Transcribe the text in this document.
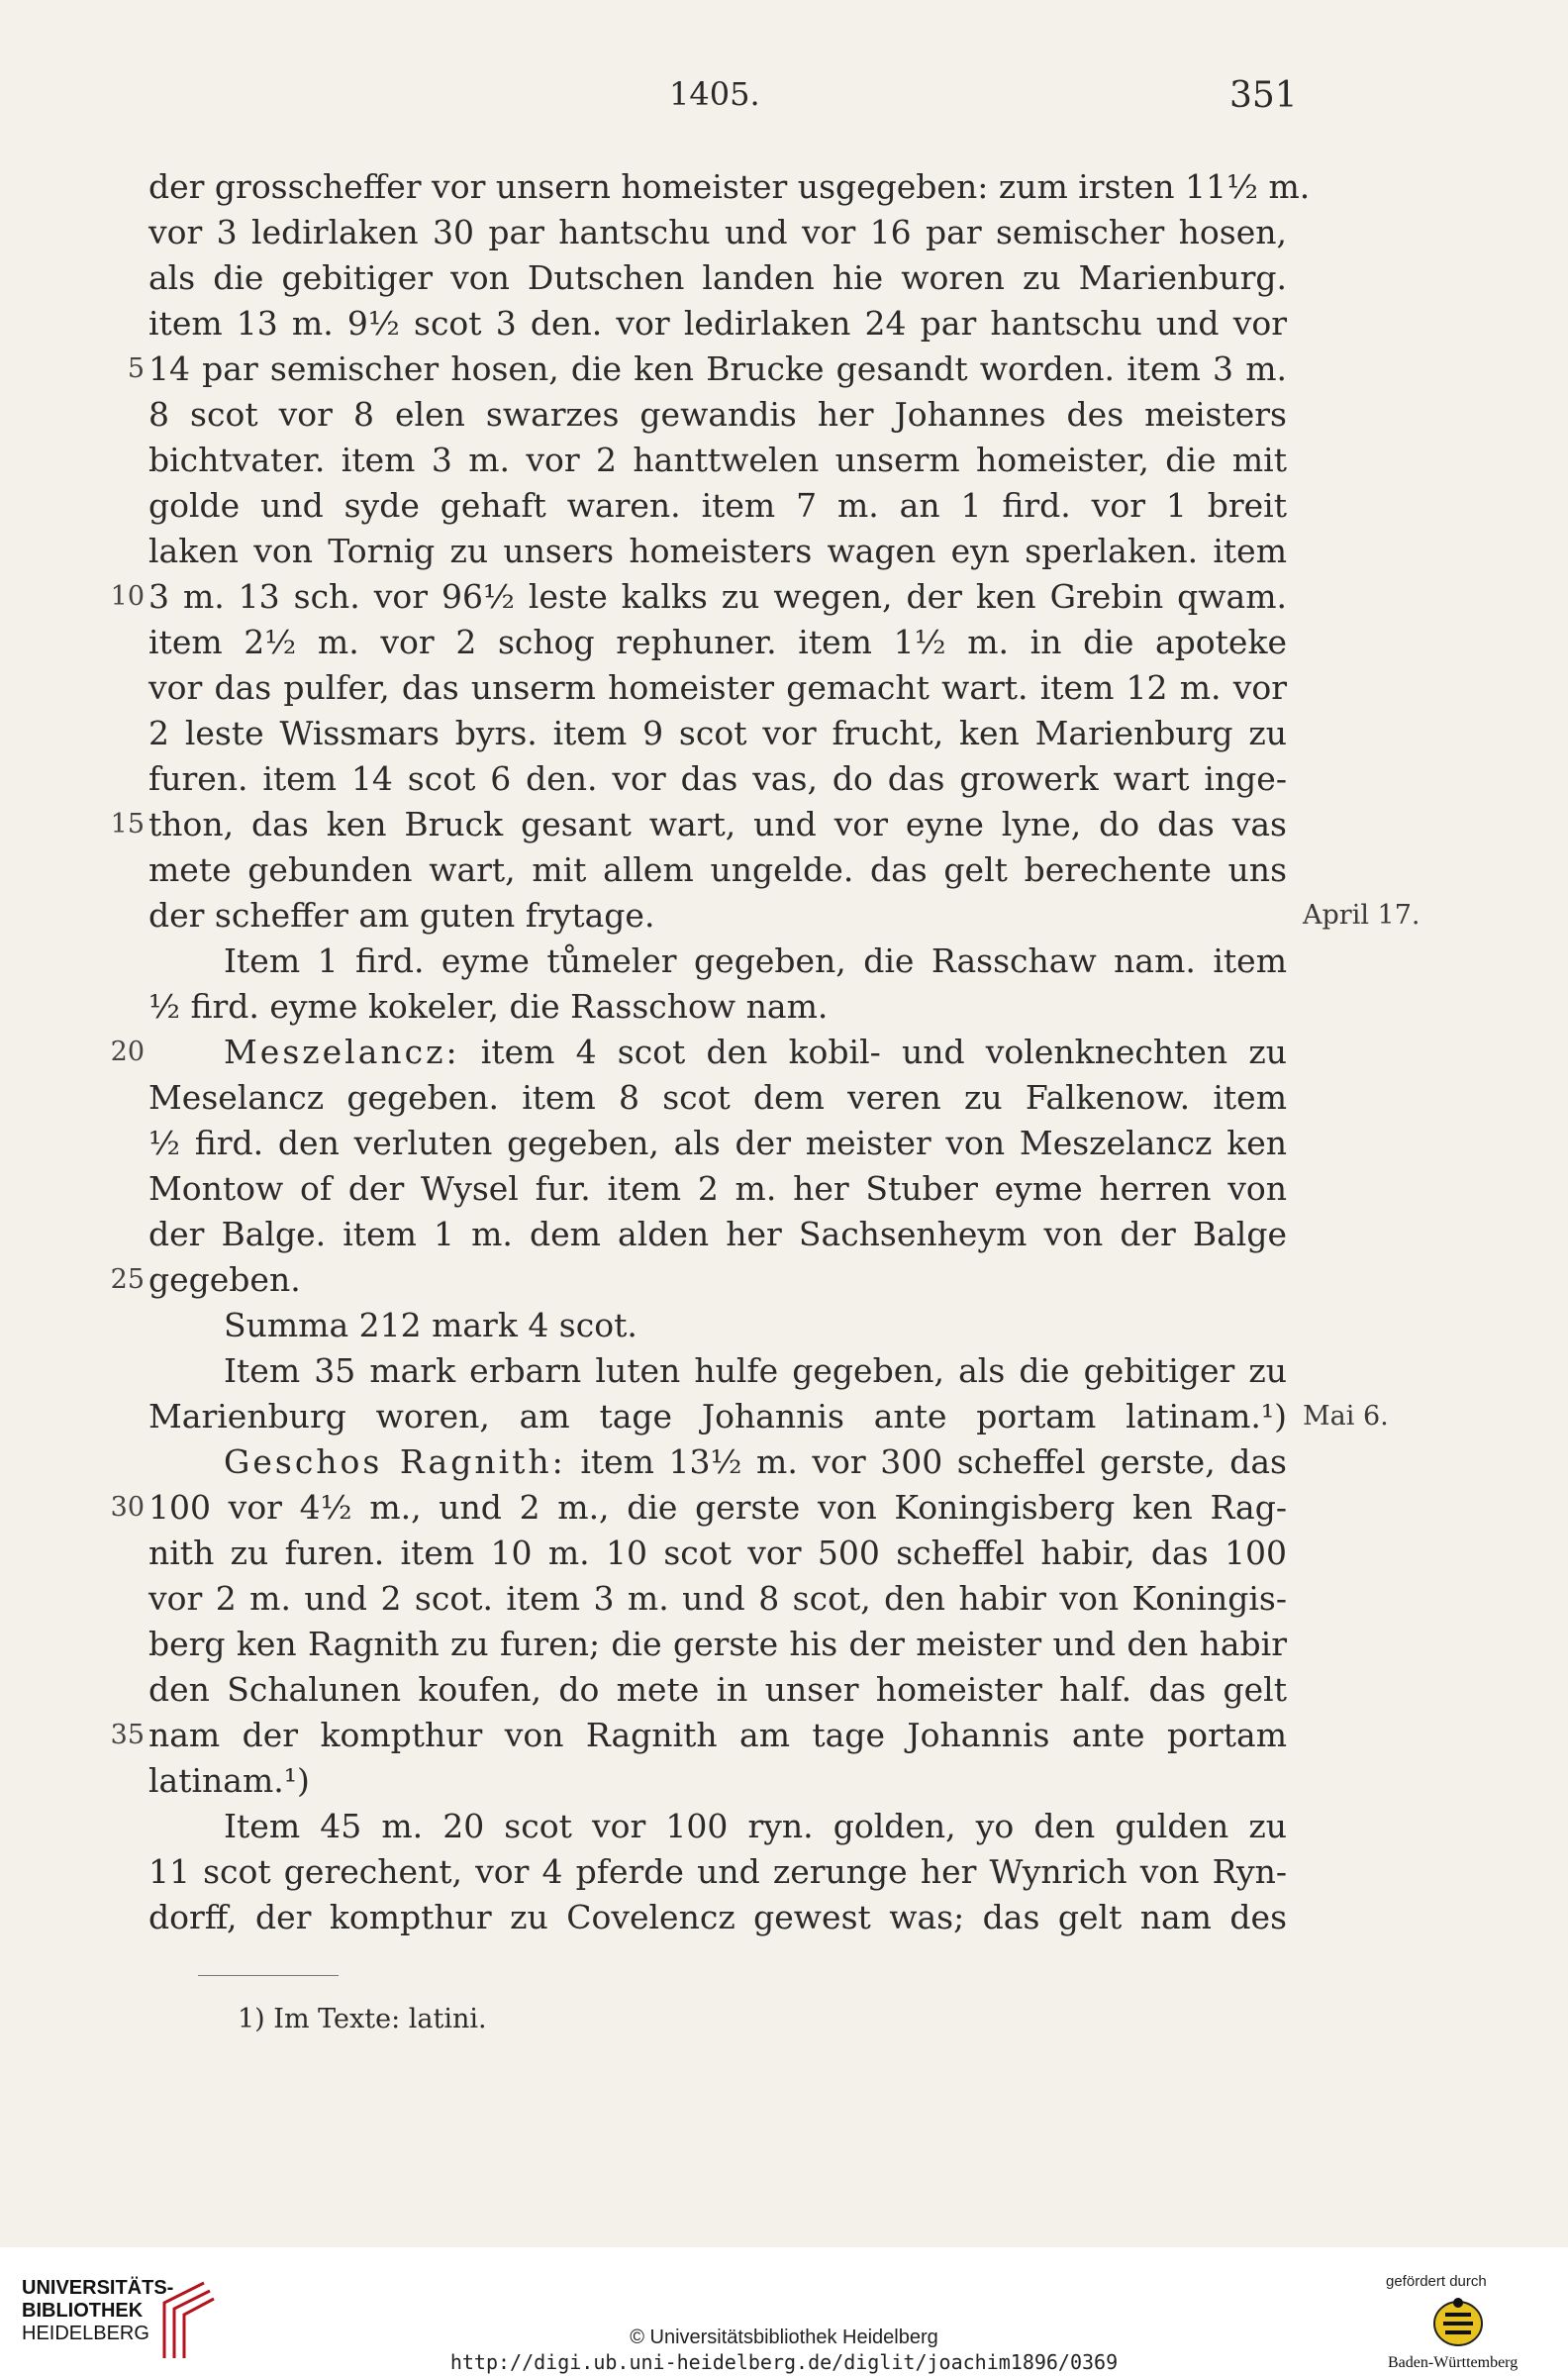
1405.	351
der grosscheffer vor unsern homeister usgegeben: zum irsten 11½ m.
vor 3 ledirlaken 30 par hantschu und vor 16 par semischer hosen,
als die gebitiger von Dutschen landen hie woren zu Marienburg.
item 13 m. 9½ scot 3 den. vor ledirlaken 24 par hantschu und vor
5 14 par semischer hosen, die ken Brucke gesandt worden. item 3 m.
8 scot vor 8 elen swarzes gewandis her Johannes des meisters
bichtvater. item 3 m. vor 2 hanttwelen unserm homeister, die mit
golde und syde gehaft waren. item 7 m. an 1 fird. vor 1 breit
laken von Tornig zu unsers homeisters wagen eyn sperlaken. item
10 3 m. 13 sch. vor 96½ leste kalks zu wegen, der ken Grebin qwam.
item 2½ m. vor 2 schog rephuner. item 1½ m. in die apoteke
vor das pulfer, das unserm homeister gemacht wart. item 12 m. vor
2 leste Wissmars byrs. item 9 scot vor frucht, ken Marienburg zu
furen. item 14 scot 6 den. vor das vas, do das growerk wart inge-
15 thon, das ken Bruck gesant wart, und vor eyne lyne, do das vas
mete gebunden wart, mit allem ungelde. das gelt berechente uns
der scheffer am guten frytage.	April 17.
Item 1 fird. eyme tůmeler gegeben, die Rasschaw nam. item
½ fird. eyme kokeler, die Rasschow nam.
20 Meszelancz: item 4 scot den kobil- und volenknechten zu
Meselancz gegeben. item 8 scot dem veren zu Falkenow. item
½ fird. den verluten gegeben, als der meister von Meszelancz ken
Montow of der Wysel fur. item 2 m. her Stuber eyme herren von
der Balge. item 1 m. dem alden her Sachsenheym von der Balge
25 gegeben.
Summa 212 mark 4 scot.
Item 35 mark erbarn luten hulfe gegeben, als die gebitiger zu
Marienburg woren, am tage Johannis ante portam latinam.¹) Mai 6.
Geschos Ragnith: item 13½ m. vor 300 scheffel gerste, das
30 100 vor 4½ m., und 2 m., die gerste von Koningisberg ken Rag-
nith zu furen. item 10 m. 10 scot vor 500 scheffel habir, das 100
vor 2 m. und 2 scot. item 3 m. und 8 scot, den habir von Koningis-
berg ken Ragnith zu furen; die gerste his der meister und den habir
den Schalunen koufen, do mete in unser homeister half. das gelt
35 nam der kompthur von Ragnith am tage Johannis ante portam
latinam.¹)
Item 45 m. 20 scot vor 100 ryn. golden, yo den gulden zu
11 scot gerechent, vor 4 pferde und zerunge her Wynrich von Ryn-
dorff, der kompthur zu Covelencz gewest was; das gelt nam des
1) Im Texte: latini.
UNIVERSITÄTS-
BIBLIOTHEK
HEIDELBERG	© Universitätsbibliothek Heidelberg
http://digi.ub.uni-heidelberg.de/diglit/joachim1896/0369
gefördert durch
Baden-Württemberg
